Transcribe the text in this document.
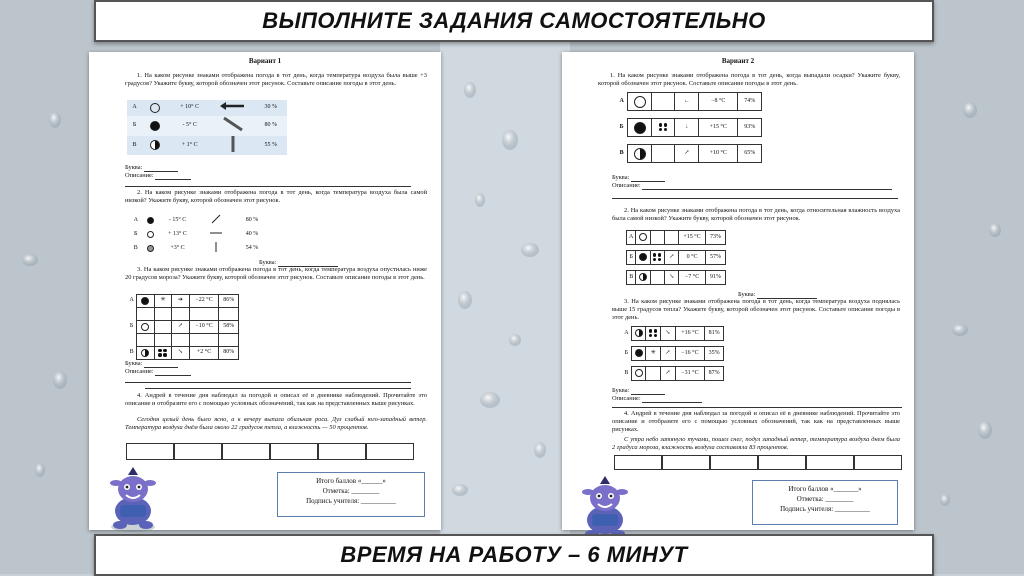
ВЫПОЛНИТЕ ЗАДАНИЯ САМОСТОЯТЕЛЬНО
Вариант 1
1. На каком рисунке знаками отображена погода в тот день, когда температура воздуха была выше +3 градусов? Укажите букву, которой обозначен этот рисунок. Составьте описание погоды в этот день.
А		+ 10° С		30 %
Б		- 5° С		80 %
В		+ 1° С		55 %
Буква:
Описание:
2. На каком рисунке знаками отображена погода в тот день, когда температура воздуха была самой низкой? Укажите букву, которой обозначен этот рисунок.
А		- 15° С		80 %
Б		+ 13° С		40 %
В		+3° С		54 %
Буква:
3. На каком рисунке знаками отображена погода в тот день, когда температура воздуха опустилась ниже 20 градусов мороза? Укажите букву, которой обозначен этот рисунок. Составьте описание погоды в этот день.
А		✳	➔	−22 °С	86%

Б			↗	−10 °С	58%

В			↘	+2 °С	80%
Буква:
Описание:
4. Андрей в течение дня наблюдал за погодой и описал её в дневнике наблюдений. Прочитайте это описание и отобразите его с помощью условных обозначений, так как на представленных выше рисунках.
Сегодня целый день было ясно, а к вечеру выпала обильная роса. Дул слабый юго-западный ветер. Температура воздуха днём была около 22 градусов тепла, а влажность — 50 процентов.
Итого баллов «______»
Отметка: ________
Подпись учителя: __________
Вариант 2
1. На каком рисунке знаками отображена погода в тот день, когда выпадали осадки? Укажите букву, которой обозначен этот рисунок. Составьте описание погоды в этот день.
А			←	−8 °С	74%

Б			↓	+15 °С	93%

В			↗	+10 °С	65%
Буква:
Описание:
2. На каком рисунке знаками отображена погода в тот день, когда относительная влажность воздуха была самой низкой? Укажите букву, которой обозначен этот рисунок.
А				+15 °С	73%

Б			↗	0 °С	57%

В			↘	−7 °С	91%
Буква:
3. На каком рисунке знаками отображена погода в тот день, когда температура воздуха поднялась выше 15 градусов тепла? Укажите букву, которой обозначен этот рисунок. Составьте описание погоды в этот день.
А			↘	+16 °С	81%

Б		✳	↗	−16 °С	35%

В			↗	−31 °С	87%
Буква:
Описание:
4. Андрей в течение дня наблюдал за погодой и описал её в дневнике наблюдений. Прочитайте это описание и отобразите его с помощью условных обозначений, так как на представленных выше рисунках.
С утра небо затянуло тучами, пошел снег, подул западный ветер, температура воздуха днем была 2 градуса мороза, влажность воздуха составляла 83 процентов.
Итого баллов «_______»
Отметка: ________
Подпись учителя: __________
ВРЕМЯ НА РАБОТУ – 6 МИНУТ
